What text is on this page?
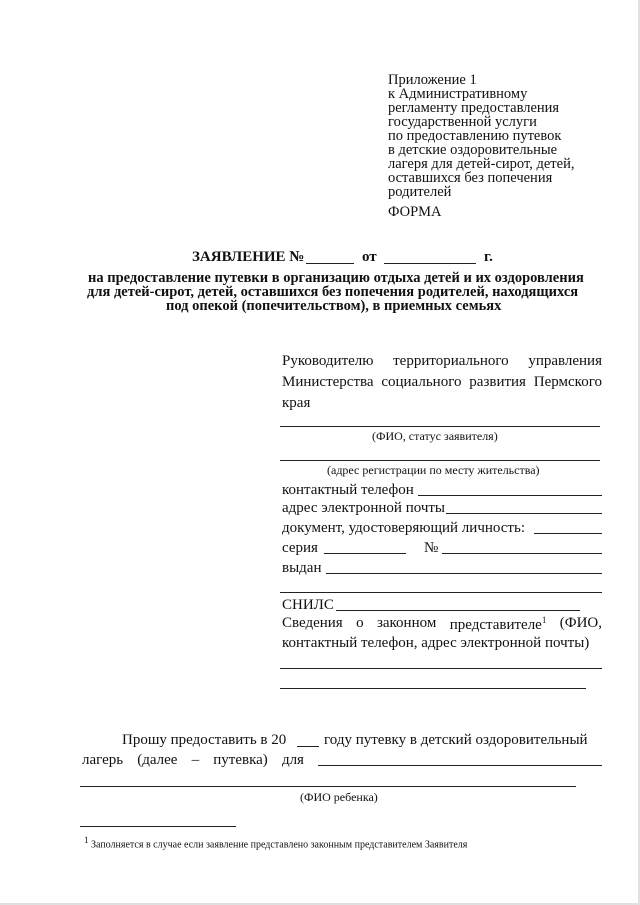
Приложение 1
к Административному
регламенту предоставления
государственной услуги
по предоставлению путевок
в детские оздоровительные
лагеря для детей-сирот, детей,
оставшихся без попечения
родителей
ФОРМА
ЗАЯВЛЕНИЕ №	от	г.
на предоставление путевки в организацию отдыха детей и их оздоровления
для детей-сирот, детей, оставшихся без попечения родителей, находящихся
под опекой (попечительством), в приемных семьях
Руководителю территориального управления
Министерства социального развития Пермского
края
(ФИО, статус заявителя)
(адрес регистрации по месту жительства)
контактный телефон
адрес электронной почты
документ, удостоверяющий личность:
серия	№
выдан
СНИЛС
Сведения о законном представителе$^1$ (ФИО,
контактный телефон, адрес электронной почты)
Прошу предоставить в 20	году путевку в детский оздоровительный
лагерь (далее – путевка) для
(ФИО ребенка)
$^1$ Заполняется в случае если заявление представлено законным представителем Заявителя
